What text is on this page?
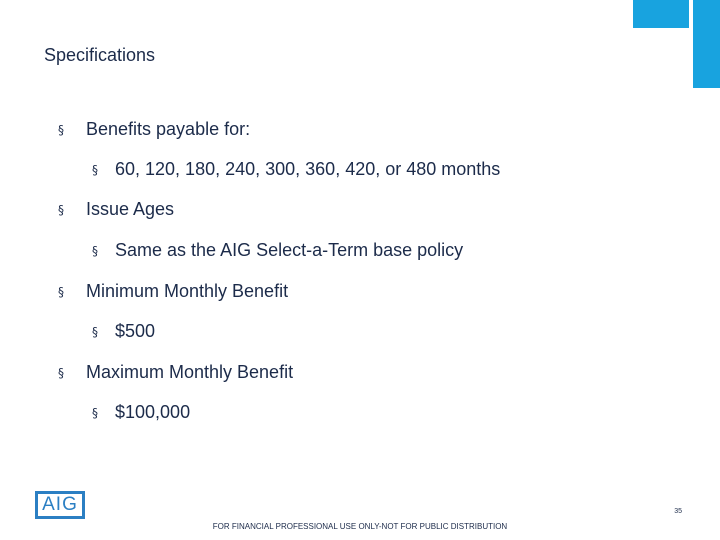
Specifications
§	Benefits payable for:
§ 60, 120, 180, 240, 300, 360, 420, or 480 months
§	Issue Ages
§ Same as the AIG Select-a-Term base policy
§	Minimum Monthly Benefit
§ $500
§	Maximum Monthly Benefit
§ $100,000
AIG
FOR FINANCIAL PROFESSIONAL USE ONLY-NOT FOR PUBLIC DISTRIBUTION
35
